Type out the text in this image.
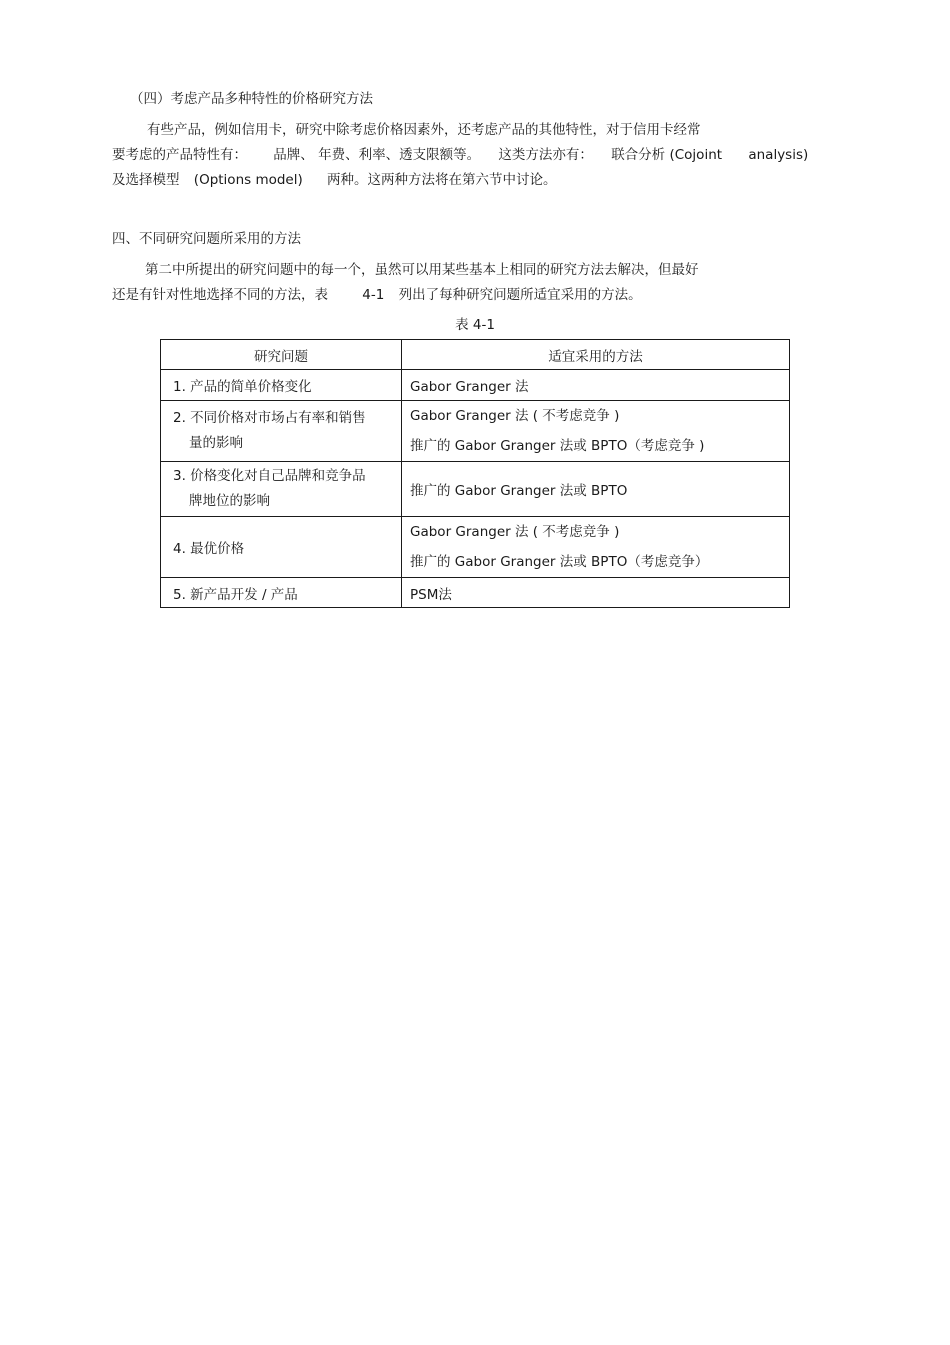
（四）考虑产品多种特性的价格研究方法
有些产品，例如信用卡，研究中除考虑价格因素外，还考虑产品的其他特性，对于信用卡经常
要考虑的产品特性有： 品牌、 年费、利率、透支限额等。 这类方法亦有： 联合分析 (Cojoint analysis)
及选择模型 (Options model) 两种。这两种方法将在第六节中讨论。
四、不同研究问题所采用的方法
第二中所提出的研究问题中的每一个，虽然可以用某些基本上相同的研究方法去解决，但最好
还是有针对性地选择不同的方法，表	4-1 列出了每种研究问题所适宜采用的方法。
表 4-1
研究问题	适宜采用的方法
1. 产品的简单价格变化	Gabor Granger 法

2. 不同价格对市场占有率和销售
量的影响	Gabor Granger 法 ( 不考虑竞争 )
推广的 Gabor Granger 法或 BPTO（考虑竞争 )

3. 价格变化对自己品牌和竞争品
牌地位的影响	推广的 Gabor Granger 法或 BPTO
4. 最优价格	Gabor Granger 法 ( 不考虑竞争 )
推广的 Gabor Granger 法或 BPTO（考虑竞争）

5. 新产品开发 / 产品	PSM法
